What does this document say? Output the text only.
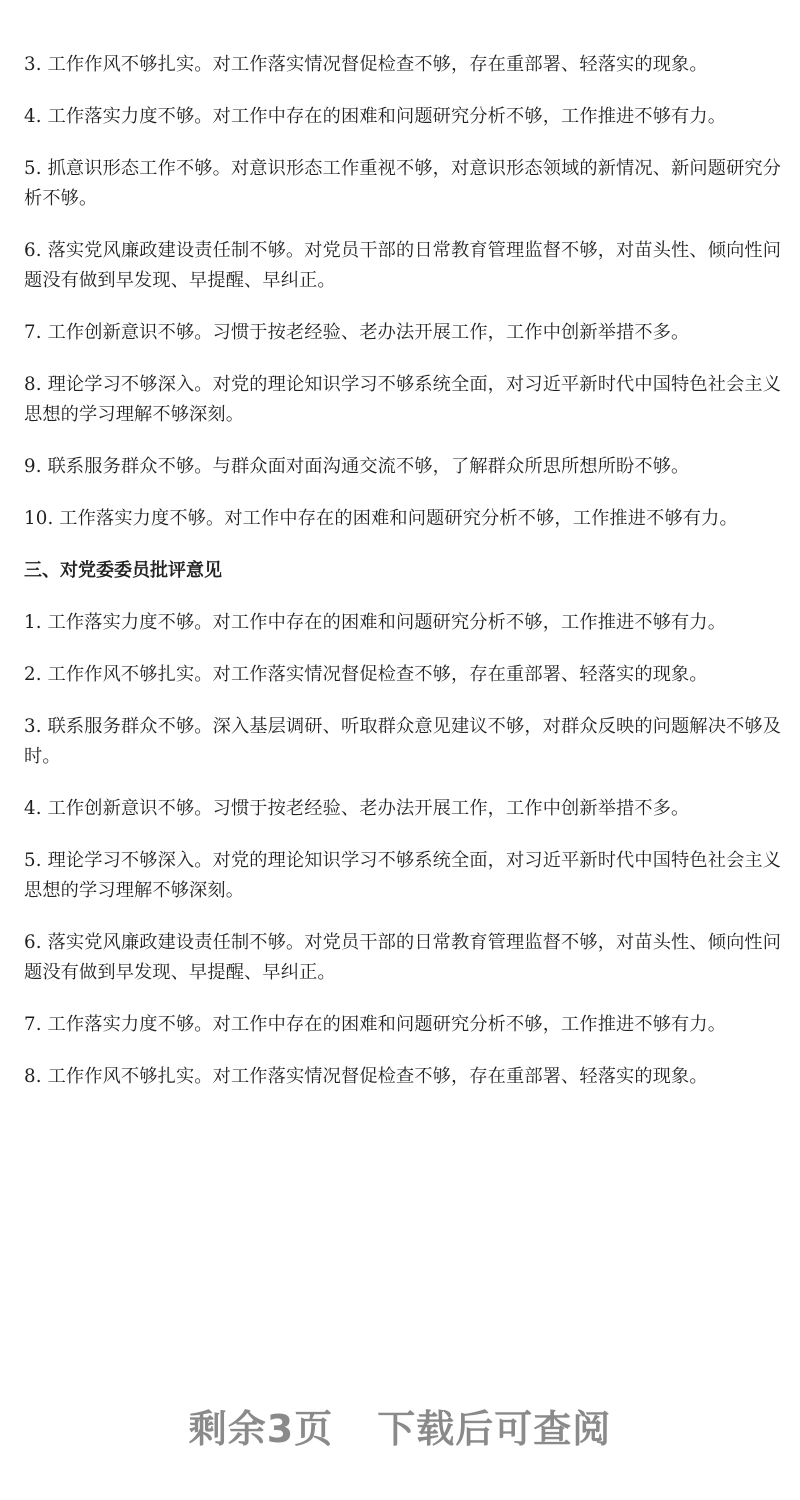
3. 工作作风不够扎实。对工作落实情况督促检查不够，存在重部署、轻落实的现象。

4. 工作落实力度不够。对工作中存在的困难和问题研究分析不够，工作推进不够有力。

5. 抓意识形态工作不够。对意识形态工作重视不够，对意识形态领域的新情况、新问题研究分析不够。

6. 落实党风廉政建设责任制不够。对党员干部的日常教育管理监督不够，对苗头性、倾向性问题没有做到早发现、早提醒、早纠正。

7. 工作创新意识不够。习惯于按老经验、老办法开展工作，工作中创新举措不多。

8. 理论学习不够深入。对党的理论知识学习不够系统全面，对习近平新时代中国特色社会主义思想的学习理解不够深刻。

9. 联系服务群众不够。与群众面对面沟通交流不够，了解群众所思所想所盼不够。

10. 工作落实力度不够。对工作中存在的困难和问题研究分析不够，工作推进不够有力。

三、对党委委员批评意见

1. 工作落实力度不够。对工作中存在的困难和问题研究分析不够，工作推进不够有力。

2. 工作作风不够扎实。对工作落实情况督促检查不够，存在重部署、轻落实的现象。

3. 联系服务群众不够。深入基层调研、听取群众意见建议不够，对群众反映的问题解决不够及时。

4. 工作创新意识不够。习惯于按老经验、老办法开展工作，工作中创新举措不多。

5. 理论学习不够深入。对党的理论知识学习不够系统全面，对习近平新时代中国特色社会主义思想的学习理解不够深刻。

6. 落实党风廉政建设责任制不够。对党员干部的日常教育管理监督不够，对苗头性、倾向性问题没有做到早发现、早提醒、早纠正。

7. 工作落实力度不够。对工作中存在的困难和问题研究分析不够，工作推进不够有力。

8. 工作作风不够扎实。对工作落实情况督促检查不够，存在重部署、轻落实的现象。

剩余3页 下载后可查阅
